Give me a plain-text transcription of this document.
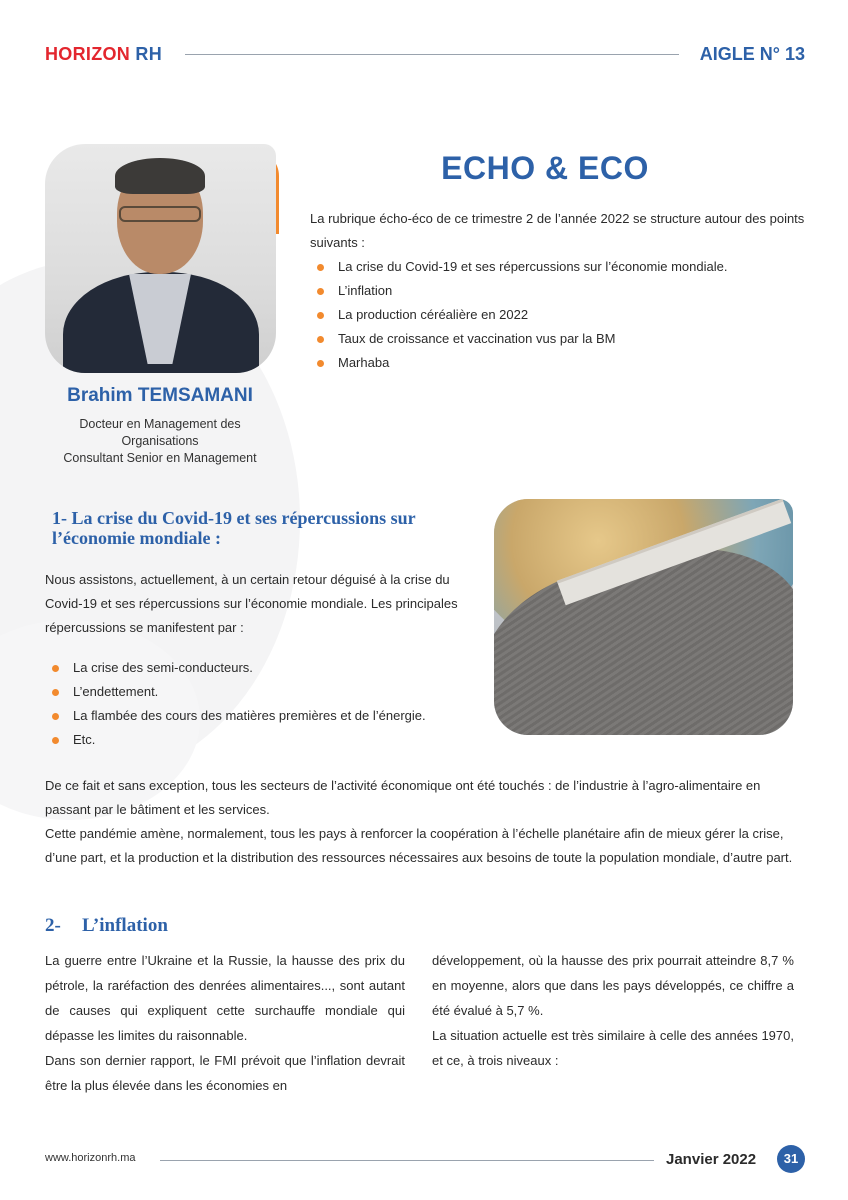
HORIZON RH	AIGLE N° 13
Brahim TEMSAMANI
Docteur en Management des
Organisations
Consultant Senior en Management
ECHO & ECO
La rubrique écho-éco de ce trimestre 2 de l’année 2022 se structure autour des points suivants :
La crise du Covid-19 et ses répercussions sur l’économie mondiale.
L’inflation
La production céréalière en 2022
Taux de croissance et vaccination vus par la BM
Marhaba
1- La crise du Covid-19 et ses répercussions sur l’économie mondiale :
Nous assistons, actuellement, à un certain retour déguisé à la crise du Covid-19 et ses répercussions sur l’économie mondiale. Les principales répercussions se manifestent par :
La crise des semi-conducteurs.
L’endettement.
La flambée des cours des matières premières et de l’énergie.
Etc.
De ce fait et sans exception, tous les secteurs de l’activité économique ont été touchés : de l’industrie à l’agro-alimentaire en passant par le bâtiment et les services.
Cette pandémie amène, normalement, tous les pays à renforcer la coopération à l’échelle planétaire afin de mieux gérer la crise, d’une part, et la production et la distribution des ressources nécessaires aux besoins de toute la population mondiale, d’autre part.
2- L’inflation
La guerre entre l’Ukraine et la Russie, la hausse des prix du pétrole, la raréfaction des denrées alimentaires..., sont autant de causes qui expliquent cette surchauffe mondiale qui dépasse les limites du raisonnable.
Dans son dernier rapport, le FMI prévoit que l’inflation devrait être la plus élevée dans les économies en
développement, où la hausse des prix pourrait atteindre 8,7 % en moyenne, alors que dans les pays développés, ce chiffre a été évalué à 5,7 %.
La situation actuelle est très similaire à celle des années 1970, et ce, à trois niveaux :
www.horizonrh.ma	Janvier 2022	31
